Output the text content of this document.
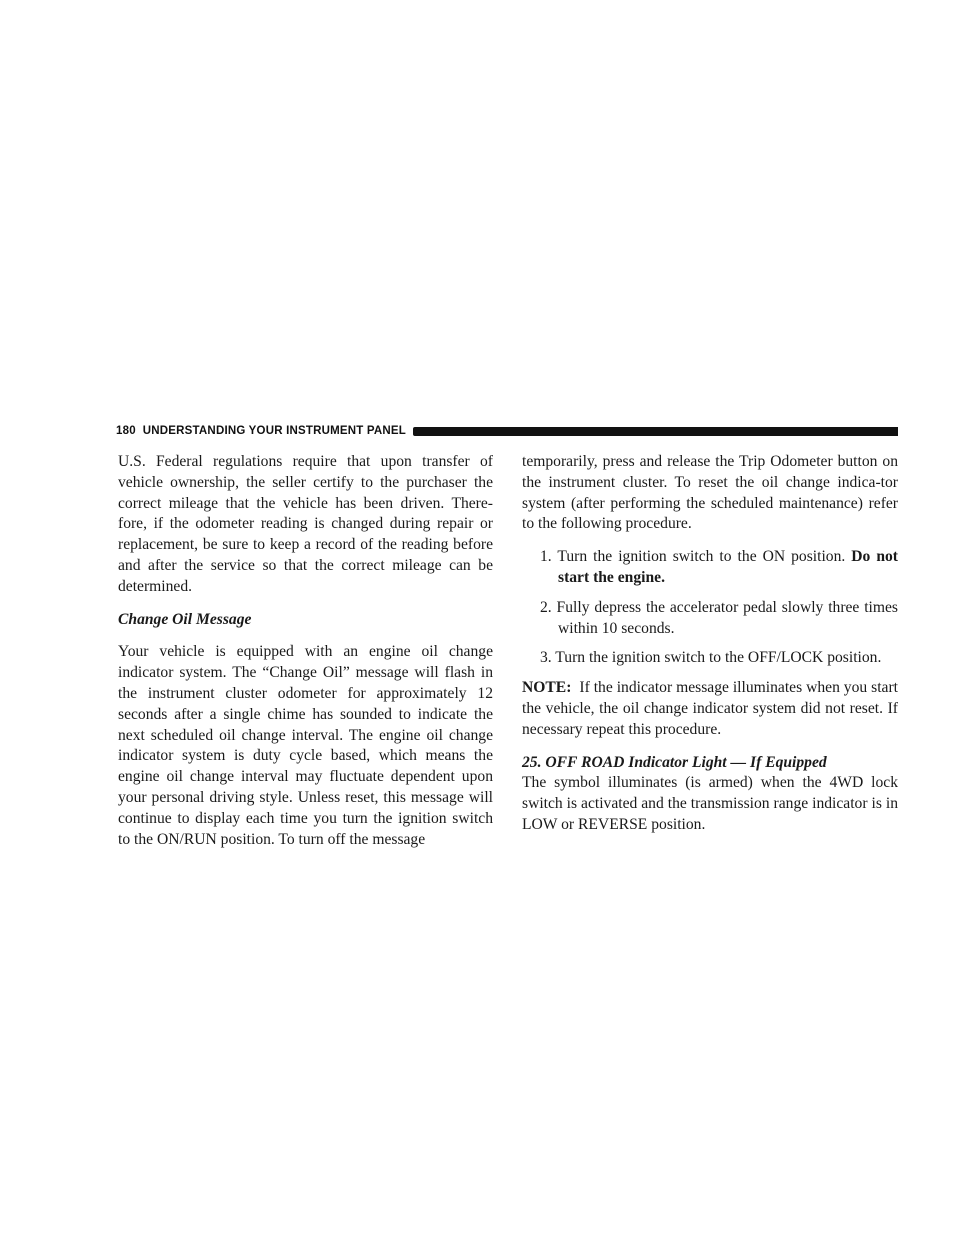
180 UNDERSTANDING YOUR INSTRUMENT PANEL

U.S. Federal regulations require that upon transfer of vehicle ownership, the seller certify to the purchaser the correct mileage that the vehicle has been driven. There-fore, if the odometer reading is changed during repair or replacement, be sure to keep a record of the reading before and after the service so that the correct mileage can be determined.

Change Oil Message

Your vehicle is equipped with an engine oil change indicator system. The “Change Oil” message will flash in the instrument cluster odometer for approximately 12 seconds after a single chime has sounded to indicate the next scheduled oil change interval. The engine oil change indicator system is duty cycle based, which means the engine oil change interval may fluctuate dependent upon your personal driving style. Unless reset, this message will continue to display each time you turn the ignition switch to the ON/RUN position. To turn off the message

temporarily, press and release the Trip Odometer button on the instrument cluster. To reset the oil change indica-tor system (after performing the scheduled maintenance) refer to the following procedure.

1. Turn the ignition switch to the ON position. Do not start the engine.

2. Fully depress the accelerator pedal slowly three times within 10 seconds.

3. Turn the ignition switch to the OFF/LOCK position.

NOTE: If the indicator message illuminates when you start the vehicle, the oil change indicator system did not reset. If necessary repeat this procedure.

25. OFF ROAD Indicator Light — If Equipped

The symbol illuminates (is armed) when the 4WD lock switch is activated and the transmission range indicator is in LOW or REVERSE position.
